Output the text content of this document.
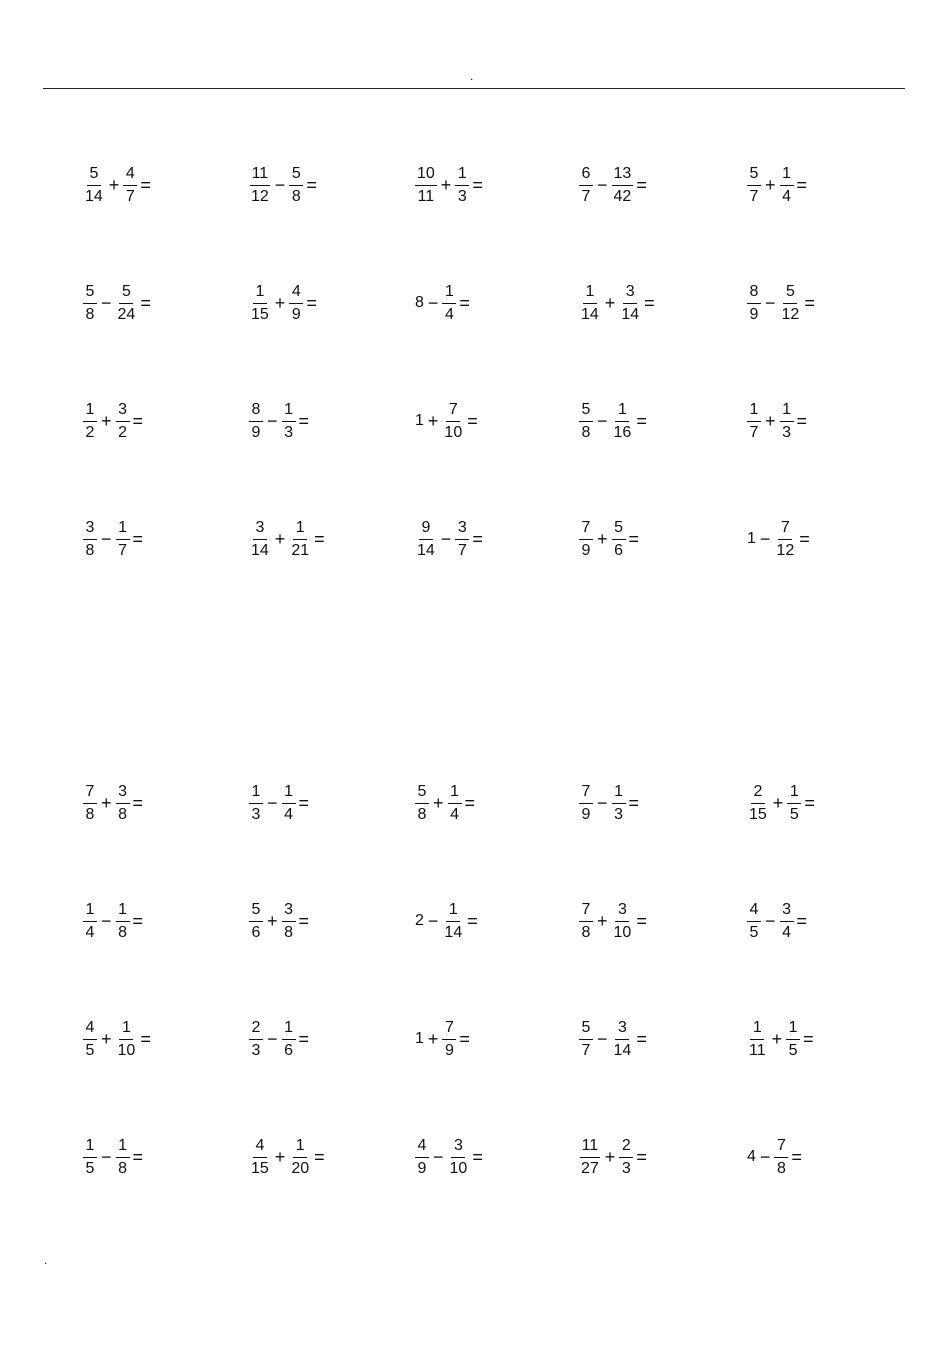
.
$\frac{5}{14} + \frac{4}{7}$ =	$\frac{11}{12} - \frac{5}{8}$ =	$\frac{10}{11} + \frac{1}{3}$ =	$\frac{6}{7} - \frac{13}{42}$ =	$\frac{5}{7} + \frac{1}{4}$ =
$\frac{5}{8} - \frac{5}{24}$ =	$\frac{1}{15} + \frac{4}{9}$ =	$8 - \frac{1}{4}$ =	$\frac{1}{14} + \frac{3}{14}$ =	$\frac{8}{9} - \frac{5}{12}$ =
$\frac{1}{2} + \frac{3}{2}$ =	$\frac{8}{9} - \frac{1}{3}$ =	$1 + \frac{7}{10}$ =	$\frac{5}{8} - \frac{1}{16}$ =	$\frac{1}{7} + \frac{1}{3}$ =
$\frac{3}{8} - \frac{1}{7}$ =	$\frac{3}{14} + \frac{1}{21}$ =	$\frac{9}{14} - \frac{3}{7}$ =	$\frac{7}{9} + \frac{5}{6}$ =	$1 - \frac{7}{12}$ =
$\frac{7}{8} + \frac{3}{8}$ =	$\frac{1}{3} - \frac{1}{4}$ =	$\frac{5}{8} + \frac{1}{4}$ =	$\frac{7}{9} - \frac{1}{3}$ =	$\frac{2}{15} + \frac{1}{5}$ =
$\frac{1}{4} - \frac{1}{8}$ =	$\frac{5}{6} + \frac{3}{8}$ =	$2 - \frac{1}{14}$ =	$\frac{7}{8} + \frac{3}{10}$ =	$\frac{4}{5} - \frac{3}{4}$ =
$\frac{4}{5} + \frac{1}{10}$ =	$\frac{2}{3} - \frac{1}{6}$ =	$1 + \frac{7}{9}$ =	$\frac{5}{7} - \frac{3}{14}$ =	$\frac{1}{11} + \frac{1}{5}$ =
$\frac{1}{5} - \frac{1}{8}$ =	$\frac{4}{15} + \frac{1}{20}$ =	$\frac{4}{9} - \frac{3}{10}$ =	$\frac{11}{27} + \frac{2}{3}$ =	$4 - \frac{7}{8}$ =
.
